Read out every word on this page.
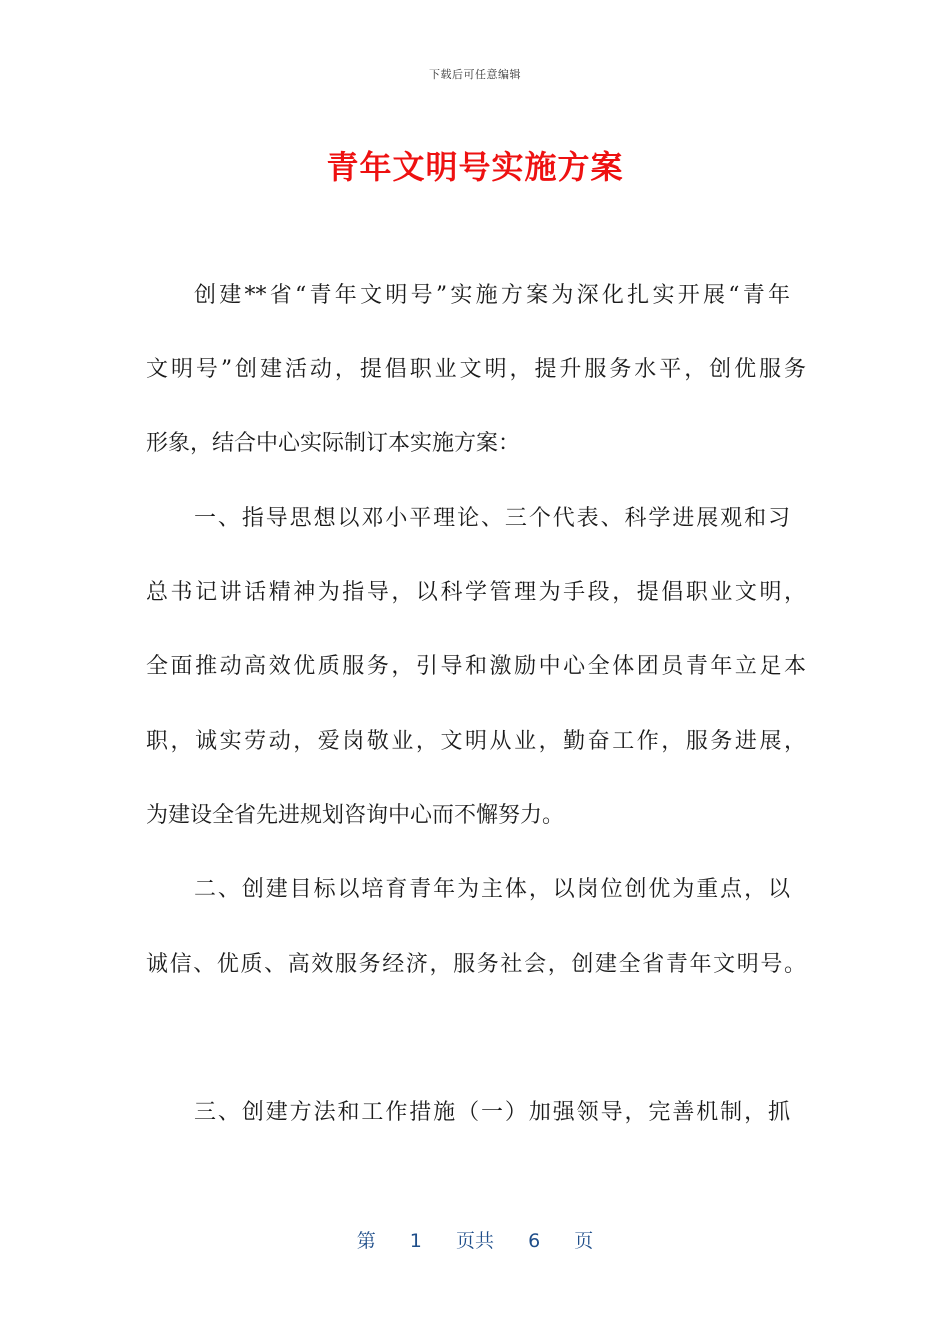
下载后可任意编辑
青年文明号实施方案
创建**省“青年文明号”实施方案为深化扎实开展“青年
文明号”创建活动，提倡职业文明，提升服务水平，创优服务
形象，结合中心实际制订本实施方案：
一、指导思想以邓小平理论、三个代表、科学进展观和习
总书记讲话精神为指导，以科学管理为手段，提倡职业文明，
全面推动高效优质服务，引导和激励中心全体团员青年立足本
职，诚实劳动，爱岗敬业，文明从业，勤奋工作，服务进展，
为建设全省先进规划咨询中心而不懈努力。
二、创建目标以培育青年为主体，以岗位创优为重点，以
诚信、优质、高效服务经济，服务社会，创建全省青年文明号。
三、创建方法和工作措施（一）加强领导，完善机制，抓
第 1 页共 6 页
